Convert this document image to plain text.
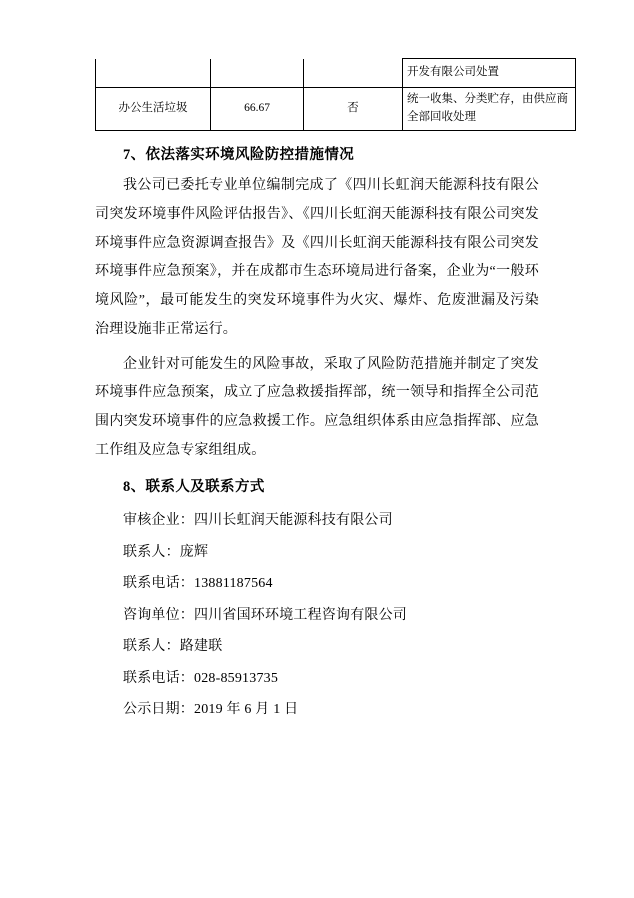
			开发有限公司处置
办公生活垃圾	66.67	否	统一收集、分类贮存，由供应商全部回收处理
7、依法落实环境风险防控措施情况

我公司已委托专业单位编制完成了《四川长虹润天能源科技有限公司突发环境事件风险评估报告》、《四川长虹润天能源科技有限公司突发环境事件应急资源调查报告》及《四川长虹润天能源科技有限公司突发环境事件应急预案》，并在成都市生态环境局进行备案，企业为“一般环境风险”，最可能发生的突发环境事件为火灾、爆炸、危废泄漏及污染治理设施非正常运行。

企业针对可能发生的风险事故，采取了风险防范措施并制定了突发环境事件应急预案，成立了应急救援指挥部，统一领导和指挥全公司范围内突发环境事件的应急救援工作。应急组织体系由应急指挥部、应急工作组及应急专家组组成。

8、联系人及联系方式
审核企业：四川长虹润天能源科技有限公司
联系人：庞辉
联系电话：13881187564
咨询单位：四川省国环环境工程咨询有限公司
联系人：路建联
联系电话：028-85913735
公示日期：2019 年 6 月 1 日
